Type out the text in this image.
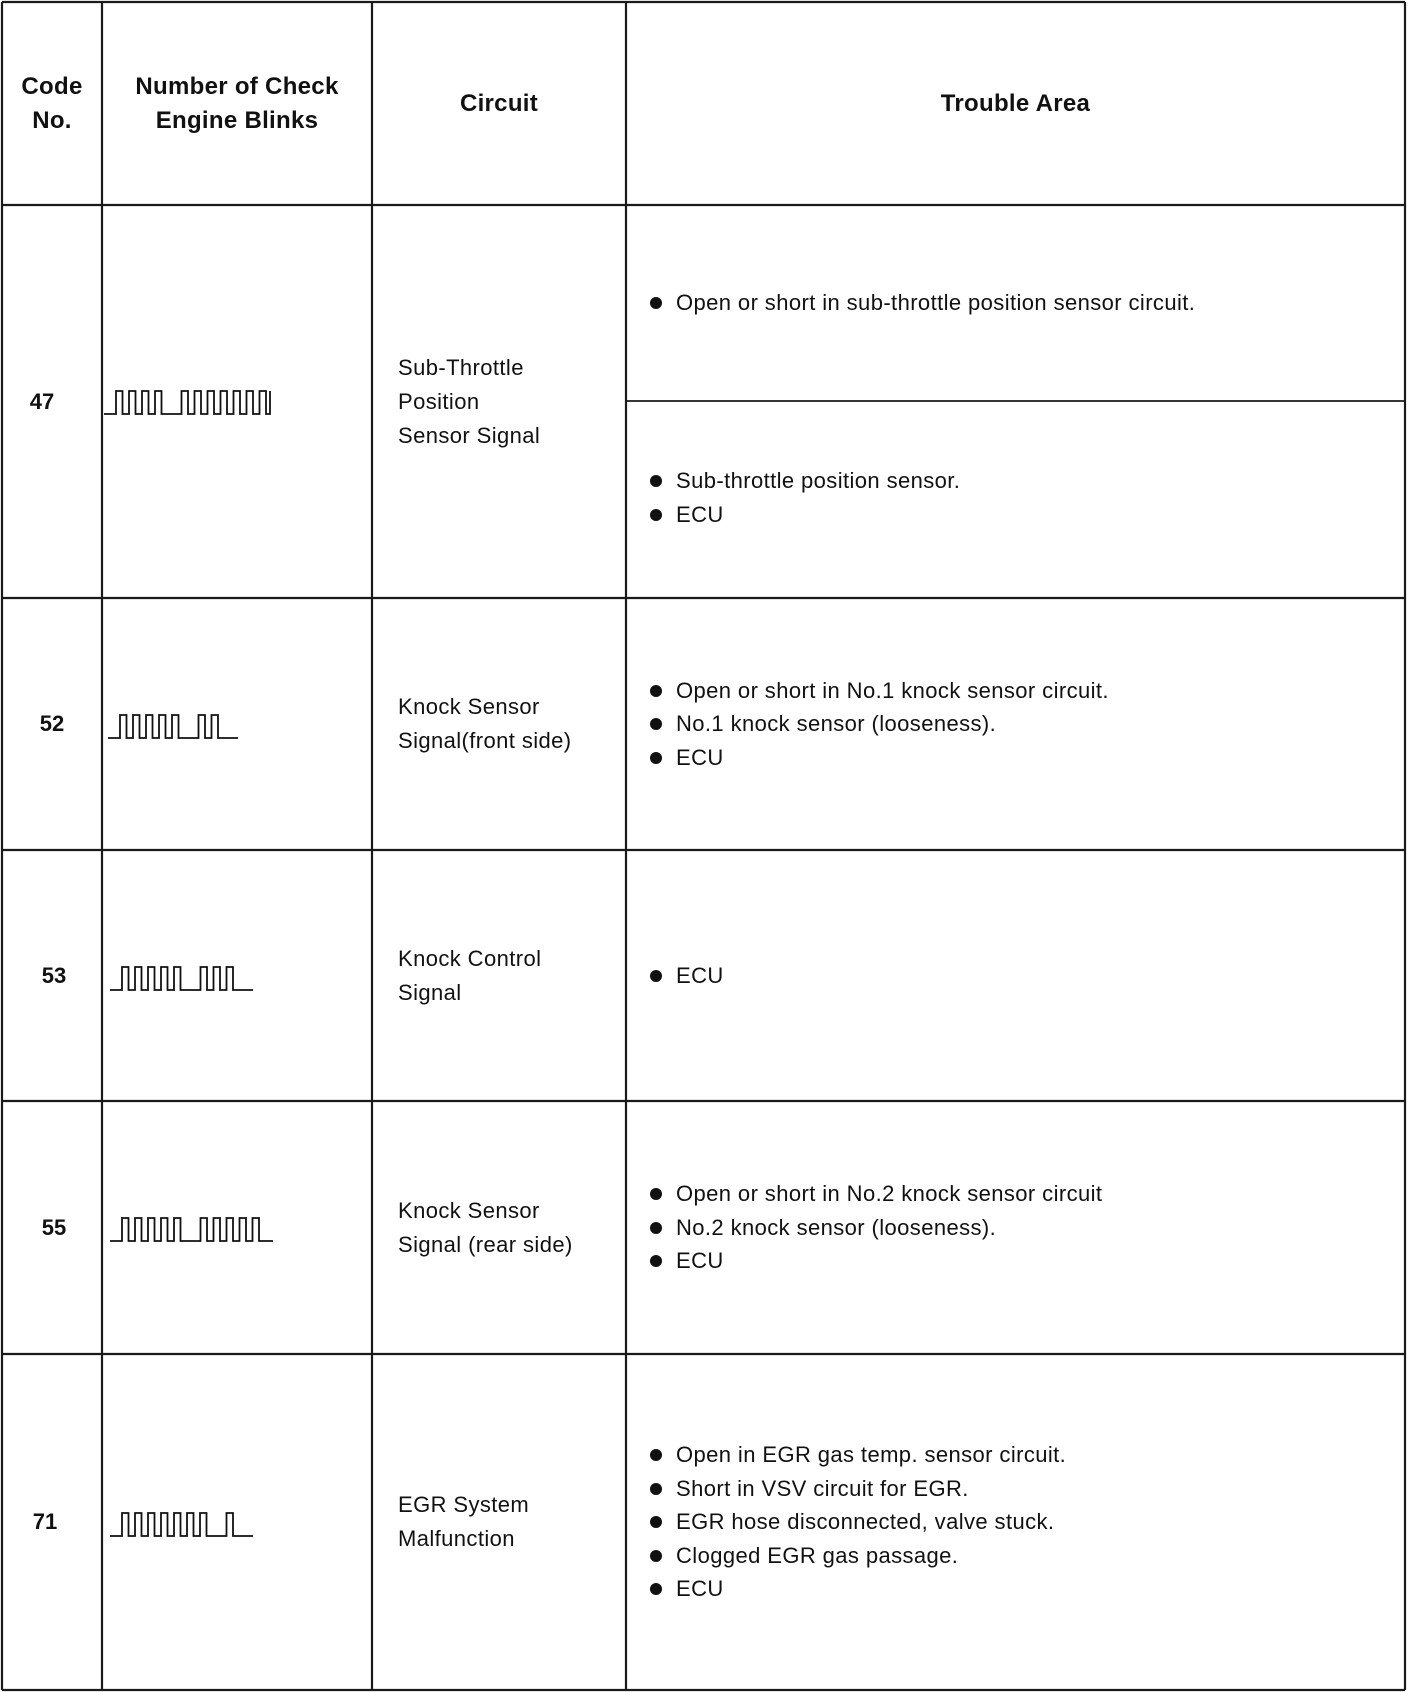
Code
No.
Number of Check
Engine Blinks
Circuit	Trouble Area
47
Sub-Throttle
Position
Sensor Signal
Open or short in sub-throttle position sensor circuit.
Sub-throttle position sensor.
ECU
52
Knock Sensor
Signal(front side)
Open or short in No.1 knock sensor circuit.
No.1 knock sensor (looseness).
ECU
53
Knock Control
Signal
ECU
55
Knock Sensor
Signal (rear side)
Open or short in No.2 knock sensor circuit
No.2 knock sensor (looseness).
ECU
71
EGR System
Malfunction
Open in EGR gas temp. sensor circuit.
Short in VSV circuit for EGR.
EGR hose disconnected, valve stuck.
Clogged EGR gas passage.
ECU
